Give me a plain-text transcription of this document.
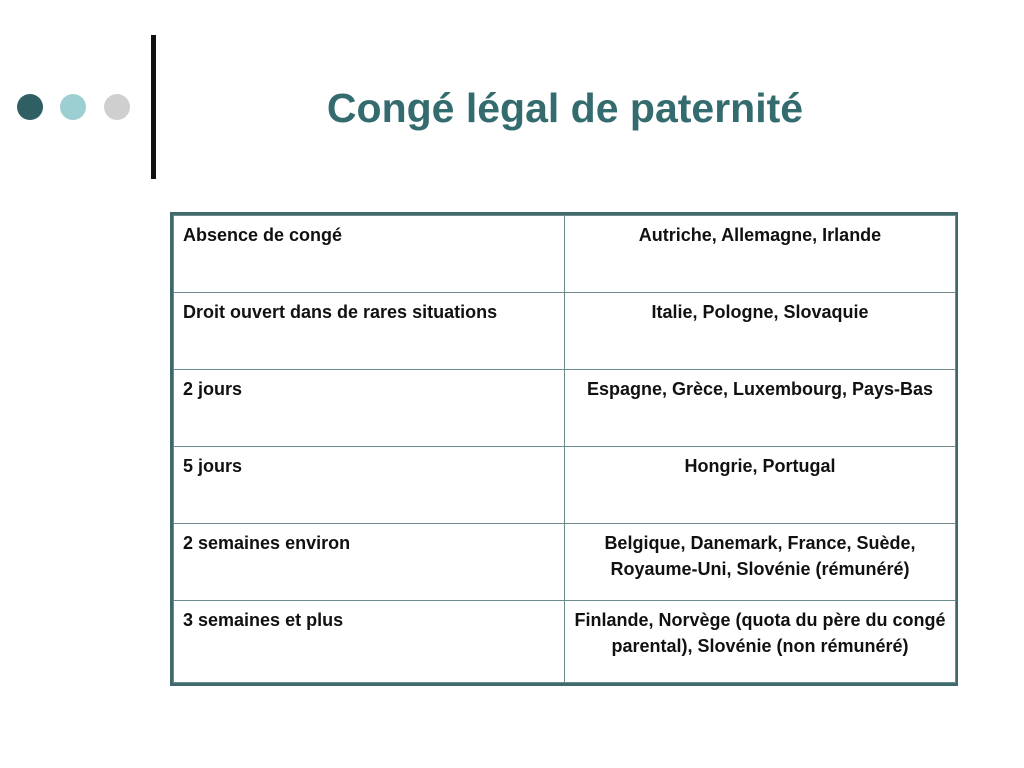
Congé légal de paternité
Absence de congé	Autriche, Allemagne, Irlande
Droit ouvert dans de rares situations	Italie, Pologne, Slovaquie
2 jours	Espagne, Grèce, Luxembourg, Pays-Bas
5 jours	Hongrie, Portugal
2 semaines environ	Belgique, Danemark, France, Suède, Royaume-Uni, Slovénie (rémunéré)
3 semaines et plus	Finlande, Norvège (quota du père du congé parental), Slovénie (non rémunéré)
